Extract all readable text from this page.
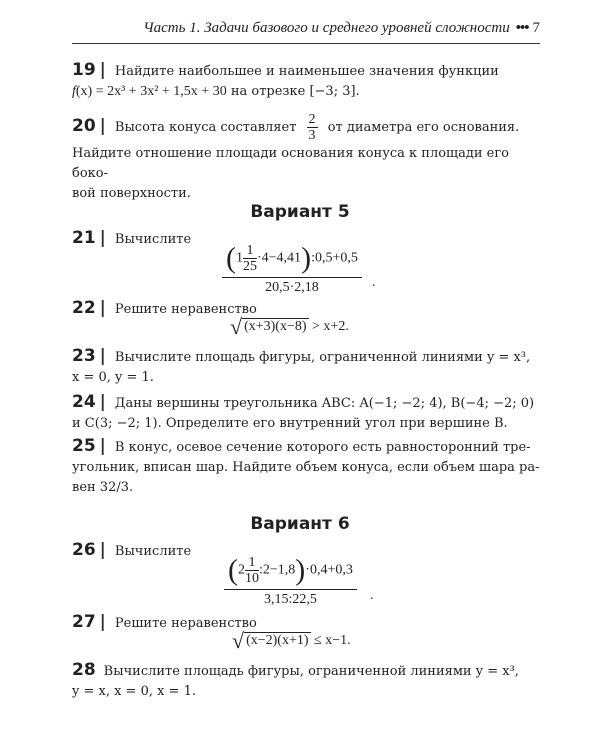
Часть 1. Задачи базового и среднего уровней сложности ••• 7
19 | Найдите наибольшее и наименьшее значения функции
f(x) = 2x³ + 3x² + 1,5x + 30 на отрезке [−3; 3].
20 | Высота конуса составляет $\frac{2}{3}$ от диаметра его основания.
Найдите отношение площади основания конуса к площади его боко-
вой поверхности.
Вариант 5
21 | Вычислите
($1 \frac{1}{25}$ ·4−4,41):0,5+0,5
20,5·2,18	.
22 | Решите неравенство
√ (x+3)(x−8) > x+2.
23 | Вычислите площадь фигуры, ограниченной линиями y = x³,
x = 0, y = 1.
24 | Даны вершины треугольника ABC: A(−1; −2; 4), B(−4; −2; 0)
и C(3; −2; 1). Определите его внутренний угол при вершине B.
25 | В конус, осевое сечение которого есть равносторонний тре-
угольник, вписан шар. Найдите объем конуса, если объем шара ра-
вен 32/3.
Вариант 6
26 | Вычислите
($2 \frac{1}{10}$ :2−1,8)·0,4+0,3
3,15:22,5	.
27 | Решите неравенство
√ (x−2)(x+1) ≤ x−1.
28 Вычислите площадь фигуры, ограниченной линиями y = x³,
y = x, x = 0, x = 1.
